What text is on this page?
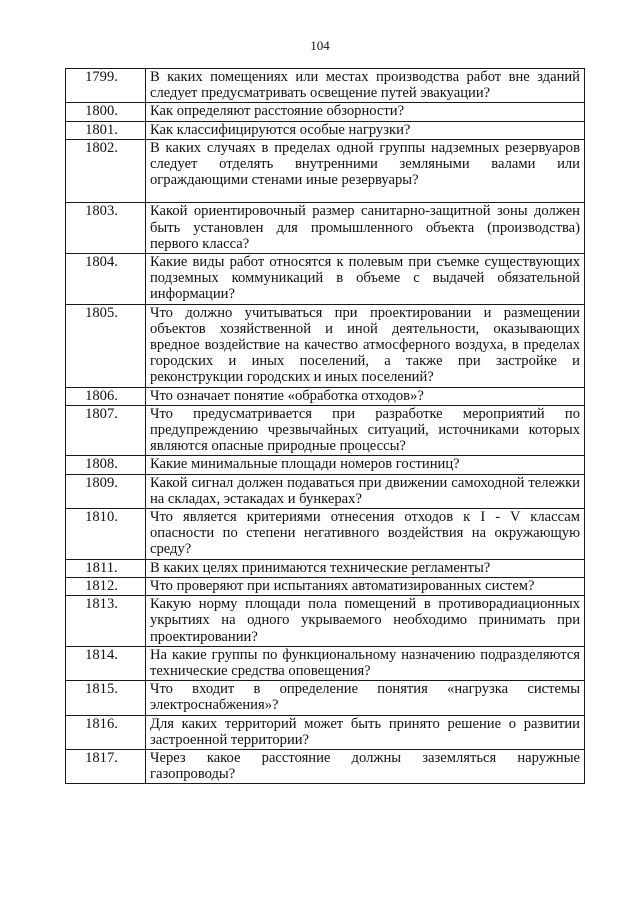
104
1799.	В каких помещениях или местах производства работ вне зданий следует предусматривать освещение путей эвакуации?
1800.	Как определяют расстояние обзорности?
1801.	Как классифицируются особые нагрузки?
1802.	В каких случаях в пределах одной группы надземных резервуаров следует отделять внутренними земляными валами или ограждающими стенами иные резервуары?
1803.	Какой ориентировочный размер санитарно-защитной зоны должен быть установлен для промышленного объекта (производства) первого класса?
1804.	Какие виды работ относятся к полевым при съемке существующих подземных коммуникаций в объеме с выдачей обязательной информации?
1805.	Что должно учитываться при проектировании и размещении объектов хозяйственной и иной деятельности, оказывающих вредное воздействие на качество атмосферного воздуха, в пределах городских и иных поселений, а также при застройке и реконструкции городских и иных поселений?
1806.	Что означает понятие «обработка отходов»?
1807.	Что предусматривается при разработке мероприятий по предупреждению чрезвычайных ситуаций, источниками которых являются опасные природные процессы?
1808.	Какие минимальные площади номеров гостиниц?
1809.	Какой сигнал должен подаваться при движении самоходной тележки на складах, эстакадах и бункерах?
1810.	Что является критериями отнесения отходов к I - V классам опасности по степени негативного воздействия на окружающую среду?
1811.	В каких целях принимаются технические регламенты?
1812.	Что проверяют при испытаниях автоматизированных систем?
1813.	Какую норму площади пола помещений в противорадиационных укрытиях на одного укрываемого необходимо принимать при проектировании?
1814.	На какие группы по функциональному назначению подразделяются технические средства оповещения?
1815.	Что входит в определение понятия «нагрузка системы электроснабжения»?
1816.	Для каких территорий может быть принято решение о развитии застроенной территории?
1817.	Через какое расстояние должны заземляться наружные газопроводы?
